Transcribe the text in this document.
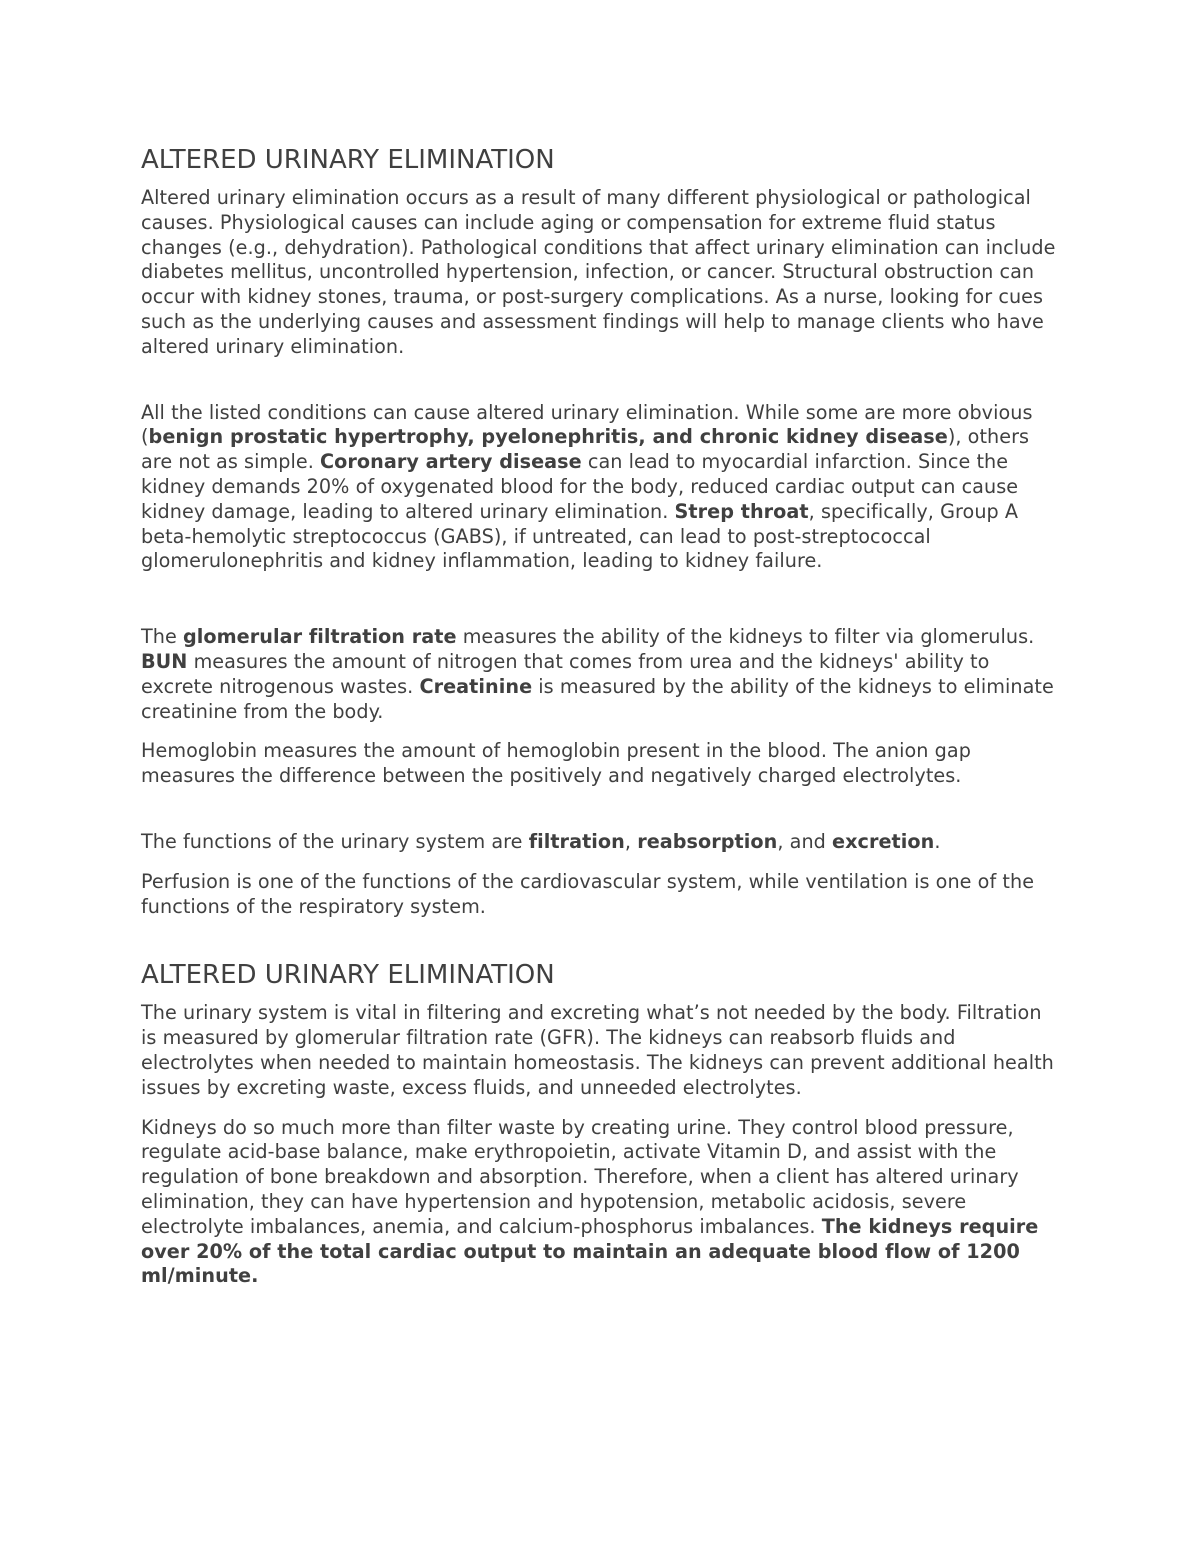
ALTERED URINARY ELIMINATION

Altered urinary elimination occurs as a result of many different physiological or pathological causes. Physiological causes can include aging or compensation for extreme fluid status changes (e.g., dehydration). Pathological conditions that affect urinary elimination can include diabetes mellitus, uncontrolled hypertension, infection, or cancer. Structural obstruction can occur with kidney stones, trauma, or post-surgery complications. As a nurse, looking for cues such as the underlying causes and assessment findings will help to manage clients who have altered urinary elimination.

All the listed conditions can cause altered urinary elimination. While some are more obvious (benign prostatic hypertrophy, pyelonephritis, and chronic kidney disease), others are not as simple. Coronary artery disease can lead to myocardial infarction. Since the kidney demands 20% of oxygenated blood for the body, reduced cardiac output can cause kidney damage, leading to altered urinary elimination. Strep throat, specifically, Group A beta-hemolytic streptococcus (GABS), if untreated, can lead to post-streptococcal glomerulonephritis and kidney inflammation, leading to kidney failure.

The glomerular filtration rate measures the ability of the kidneys to filter via glomerulus. BUN measures the amount of nitrogen that comes from urea and the kidneys' ability to excrete nitrogenous wastes. Creatinine is measured by the ability of the kidneys to eliminate creatinine from the body.

Hemoglobin measures the amount of hemoglobin present in the blood. The anion gap measures the difference between the positively and negatively charged electrolytes.

The functions of the urinary system are filtration, reabsorption, and excretion.

Perfusion is one of the functions of the cardiovascular system, while ventilation is one of the functions of the respiratory system.

ALTERED URINARY ELIMINATION

The urinary system is vital in filtering and excreting what’s not needed by the body. Filtration is measured by glomerular filtration rate (GFR). The kidneys can reabsorb fluids and electrolytes when needed to maintain homeostasis. The kidneys can prevent additional health issues by excreting waste, excess fluids, and unneeded electrolytes.

Kidneys do so much more than filter waste by creating urine. They control blood pressure, regulate acid-base balance, make erythropoietin, activate Vitamin D, and assist with the regulation of bone breakdown and absorption. Therefore, when a client has altered urinary elimination, they can have hypertension and hypotension, metabolic acidosis, severe electrolyte imbalances, anemia, and calcium-phosphorus imbalances. The kidneys require over 20% of the total cardiac output to maintain an adequate blood flow of 1200 ml/minute.
